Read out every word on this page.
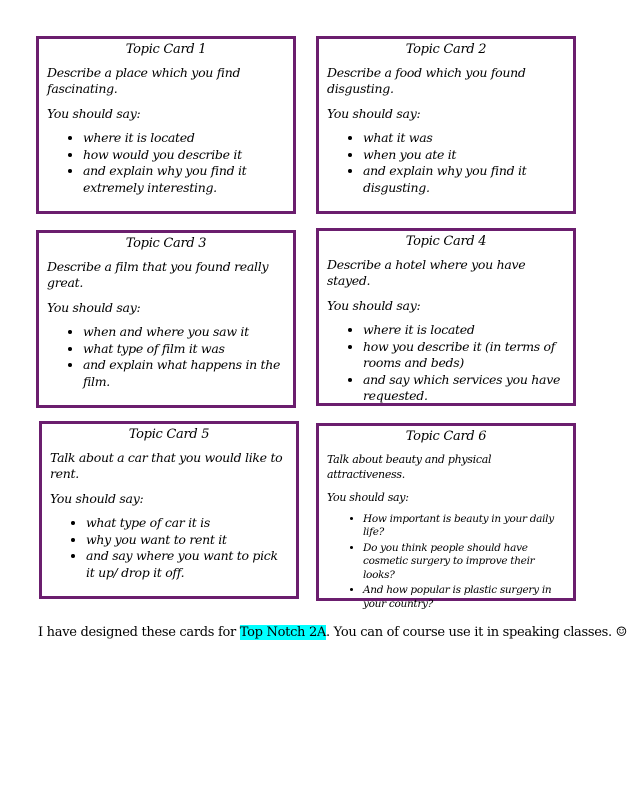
Topic Card 1

Describe a place which you find fascinating.

You should say:

• where it is located
• how would you describe it
• and explain why you find it extremely interesting.
Topic Card 2

Describe a food which you found disgusting.

You should say:

• what it was
• when you ate it
• and explain why you find it disgusting.
Topic Card 3

Describe a film that you found really great.

You should say:

• when and where you saw it
• what type of film it was
• and explain what happens in the film.
Topic Card 4

Describe a hotel where you have stayed.

You should say:

• where it is located
• how you describe it (in terms of rooms and beds)
• and say which services you have requested.
Topic Card 5

Talk about a car that you would like to rent.

You should say:

• what type of car it is
• why you want to rent it
• and say where you want to pick it up/ drop it off.
Topic Card 6

Talk about beauty and physical attractiveness.

You should say:

• How important is beauty in your daily life?
• Do you think people should have cosmetic surgery to improve their looks?
• And how popular is plastic surgery in your country?
I have designed these cards for Top Notch 2A. You can of course use it in speaking classes. ☺
